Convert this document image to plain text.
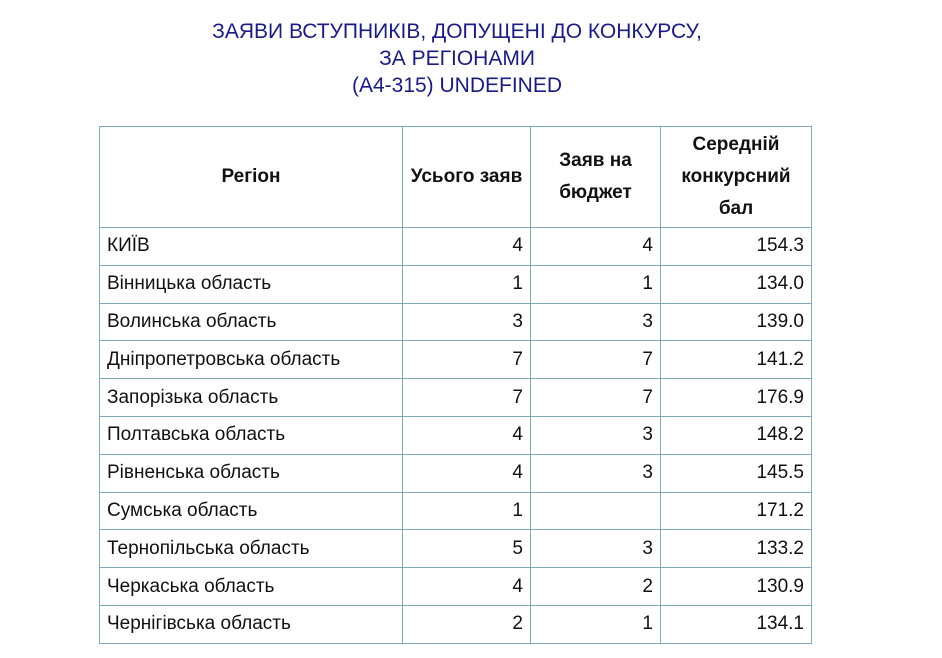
ЗАЯВИ ВСТУПНИКІВ, ДОПУЩЕНІ ДО КОНКУРСУ,
ЗА РЕГІОНАМИ
(А4-315) UNDEFINED
Регіон	Усього заяв	Заяв на бюджет	Середній конкурсний бал
КИЇВ	4	4	154.3
Вінницька область	1	1	134.0
Волинська область	3	3	139.0
Дніпропетровська область	7	7	141.2
Запорізька область	7	7	176.9
Полтавська область	4	3	148.2
Рівненська область	4	3	145.5
Сумська область	1		171.2
Тернопільська область	5	3	133.2
Черкаська область	4	2	130.9
Чернігівська область	2	1	134.1
